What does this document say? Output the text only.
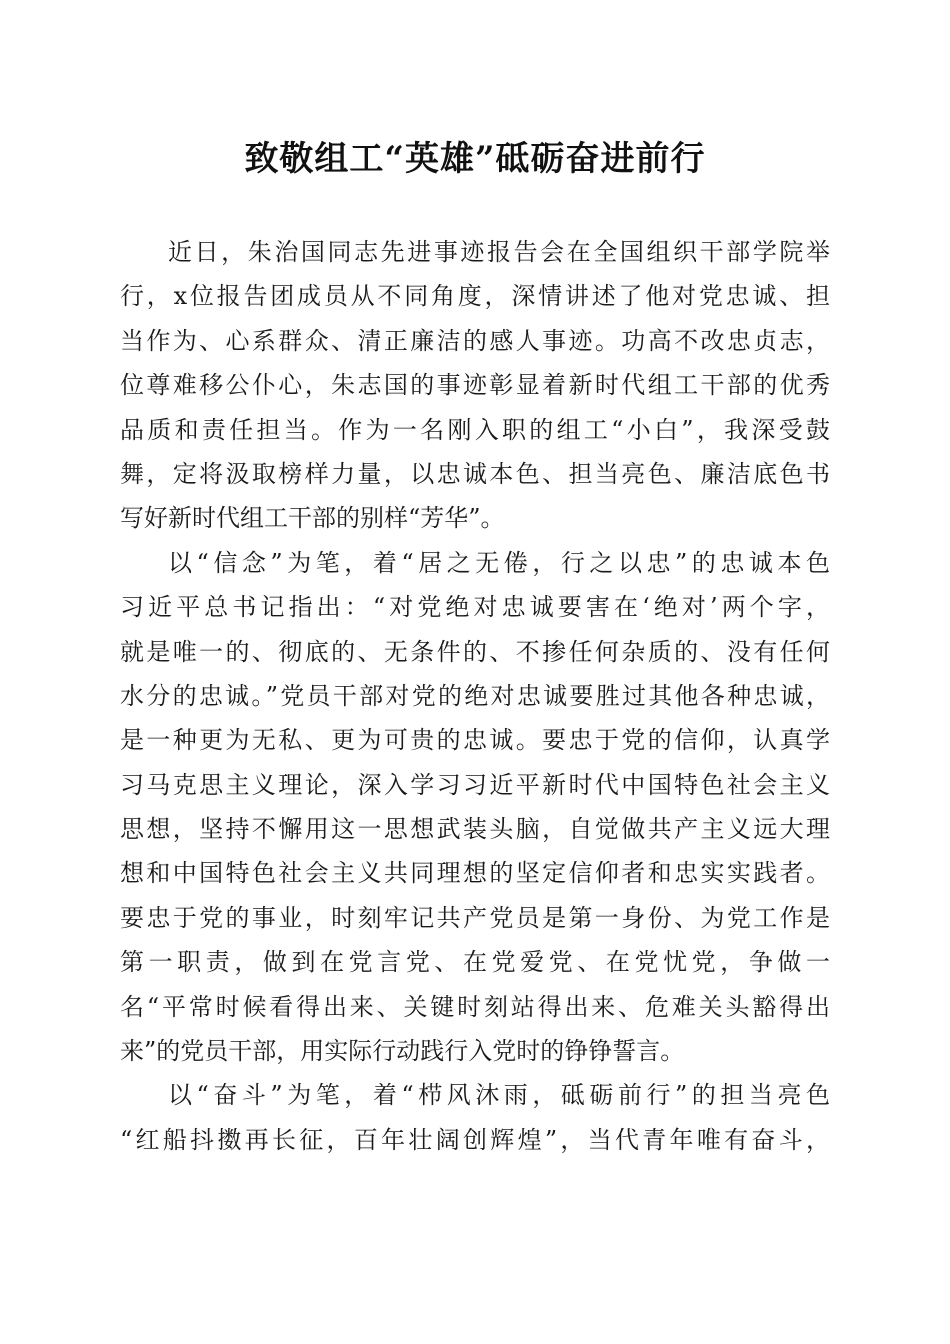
致敬组工“英雄”砥砺奋进前行
近日，朱治国同志先进事迹报告会在全国组织干部学院举
行，x位报告团成员从不同角度，深情讲述了他对党忠诚、担
当作为、心系群众、清正廉洁的感人事迹。功高不改忠贞志，
位尊难移公仆心，朱志国的事迹彰显着新时代组工干部的优秀
品质和责任担当。作为一名刚入职的组工“小白”，我深受鼓
舞，定将汲取榜样力量，以忠诚本色、担当亮色、廉洁底色书
写好新时代组工干部的别样“芳华”。
以“信念”为笔，着“居之无倦，行之以忠”的忠诚本色
习近平总书记指出：“对党绝对忠诚要害在‘绝对’两个字，
就是唯一的、彻底的、无条件的、不掺任何杂质的、没有任何
水分的忠诚。”党员干部对党的绝对忠诚要胜过其他各种忠诚，
是一种更为无私、更为可贵的忠诚。要忠于党的信仰，认真学
习马克思主义理论，深入学习习近平新时代中国特色社会主义
思想，坚持不懈用这一思想武装头脑，自觉做共产主义远大理
想和中国特色社会主义共同理想的坚定信仰者和忠实实践者。
要忠于党的事业，时刻牢记共产党员是第一身份、为党工作是
第一职责，做到在党言党、在党爱党、在党忧党，争做一
名“平常时候看得出来、关键时刻站得出来、危难关头豁得出
来”的党员干部，用实际行动践行入党时的铮铮誓言。
以“奋斗”为笔，着“栉风沐雨，砥砺前行”的担当亮色
“红船抖擞再长征，百年壮阔创辉煌”，当代青年唯有奋斗，
